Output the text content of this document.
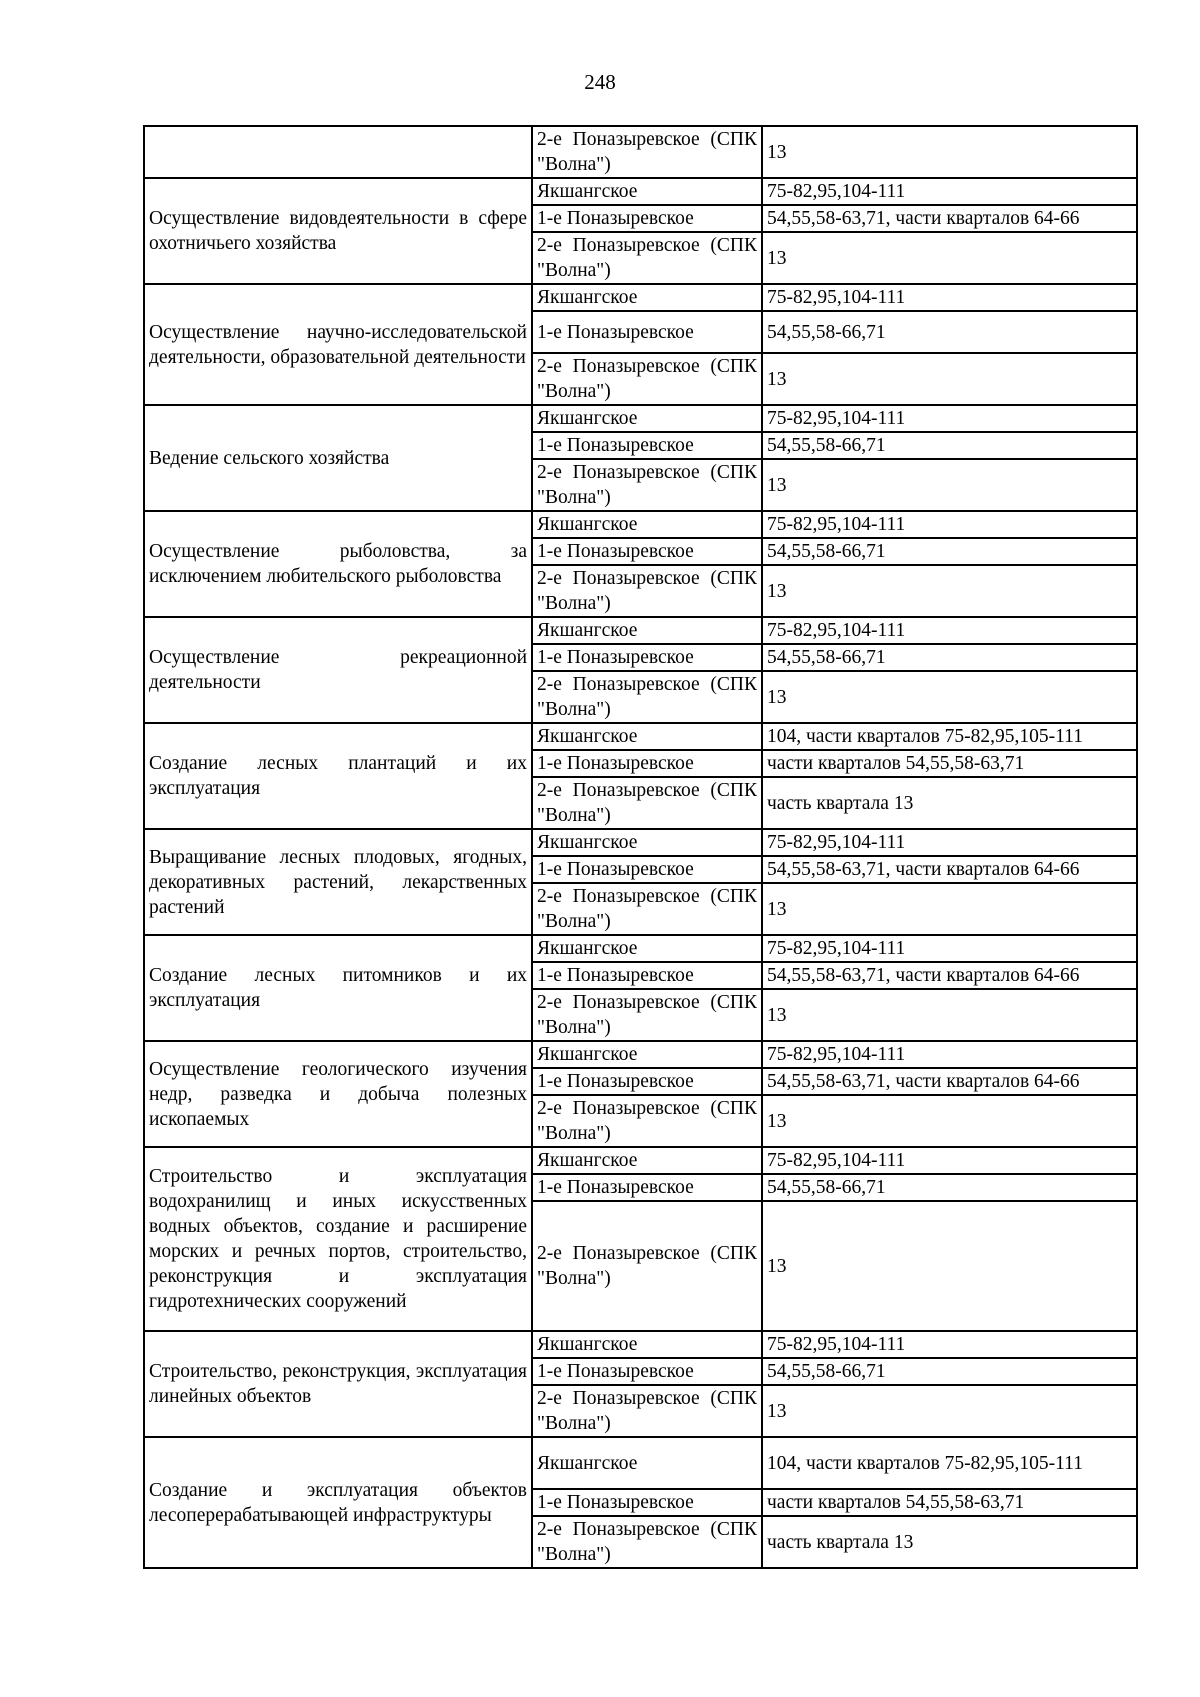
248
	2-е Поназыревское (СПК "Волна")	13
Осуществление видовдеятельности в сфере охотничьего хозяйства	Якшангское	75-82,95,104-111
	1-е Поназыревское	54,55,58-63,71, части кварталов 64-66
	2-е Поназыревское (СПК "Волна")	13
Осуществление научно-исследовательской деятельности, образовательной деятельности	Якшангское	75-82,95,104-111
	1-е Поназыревское	54,55,58-66,71
	2-е Поназыревское (СПК "Волна")	13
Ведение сельского хозяйства	Якшангское	75-82,95,104-111
	1-е Поназыревское	54,55,58-66,71
	2-е Поназыревское (СПК "Волна")	13
Осуществление рыболовства, за исключением любительского рыболовства	Якшангское	75-82,95,104-111
	1-е Поназыревское	54,55,58-66,71
	2-е Поназыревское (СПК "Волна")	13
Осуществление рекреационной деятельности	Якшангское	75-82,95,104-111
	1-е Поназыревское	54,55,58-66,71
	2-е Поназыревское (СПК "Волна")	13
Создание лесных плантаций и их эксплуатация	Якшангское	104, части кварталов 75-82,95,105-111
	1-е Поназыревское	части кварталов 54,55,58-63,71
	2-е Поназыревское (СПК "Волна")	часть квартала 13
Выращивание лесных плодовых, ягодных, декоративных растений, лекарственных растений	Якшангское	75-82,95,104-111
	1-е Поназыревское	54,55,58-63,71, части кварталов 64-66
	2-е Поназыревское (СПК "Волна")	13
Создание лесных питомников и их эксплуатация	Якшангское	75-82,95,104-111
	1-е Поназыревское	54,55,58-63,71, части кварталов 64-66
	2-е Поназыревское (СПК "Волна")	13
Осуществление геологического изучения недр, разведка и добыча полезных ископаемых	Якшангское	75-82,95,104-111
	1-е Поназыревское	54,55,58-63,71, части кварталов 64-66
	2-е Поназыревское (СПК "Волна")	13
Строительство и эксплуатация водохранилищ и иных искусственных водных объектов, создание и расширение морских и речных портов, строительство, реконструкция и эксплуатация гидротехнических сооружений	Якшангское	75-82,95,104-111
	1-е Поназыревское	54,55,58-66,71
	2-е Поназыревское (СПК "Волна")	13
Строительство, реконструкция, эксплуатация линейных объектов	Якшангское	75-82,95,104-111
	1-е Поназыревское	54,55,58-66,71
	2-е Поназыревское (СПК "Волна")	13
Создание и эксплуатация объектов лесоперерабатывающей инфраструктуры	Якшангское	104, части кварталов 75-82,95,105-111
	1-е Поназыревское	части кварталов 54,55,58-63,71
	2-е Поназыревское (СПК "Волна")	часть квартала 13
